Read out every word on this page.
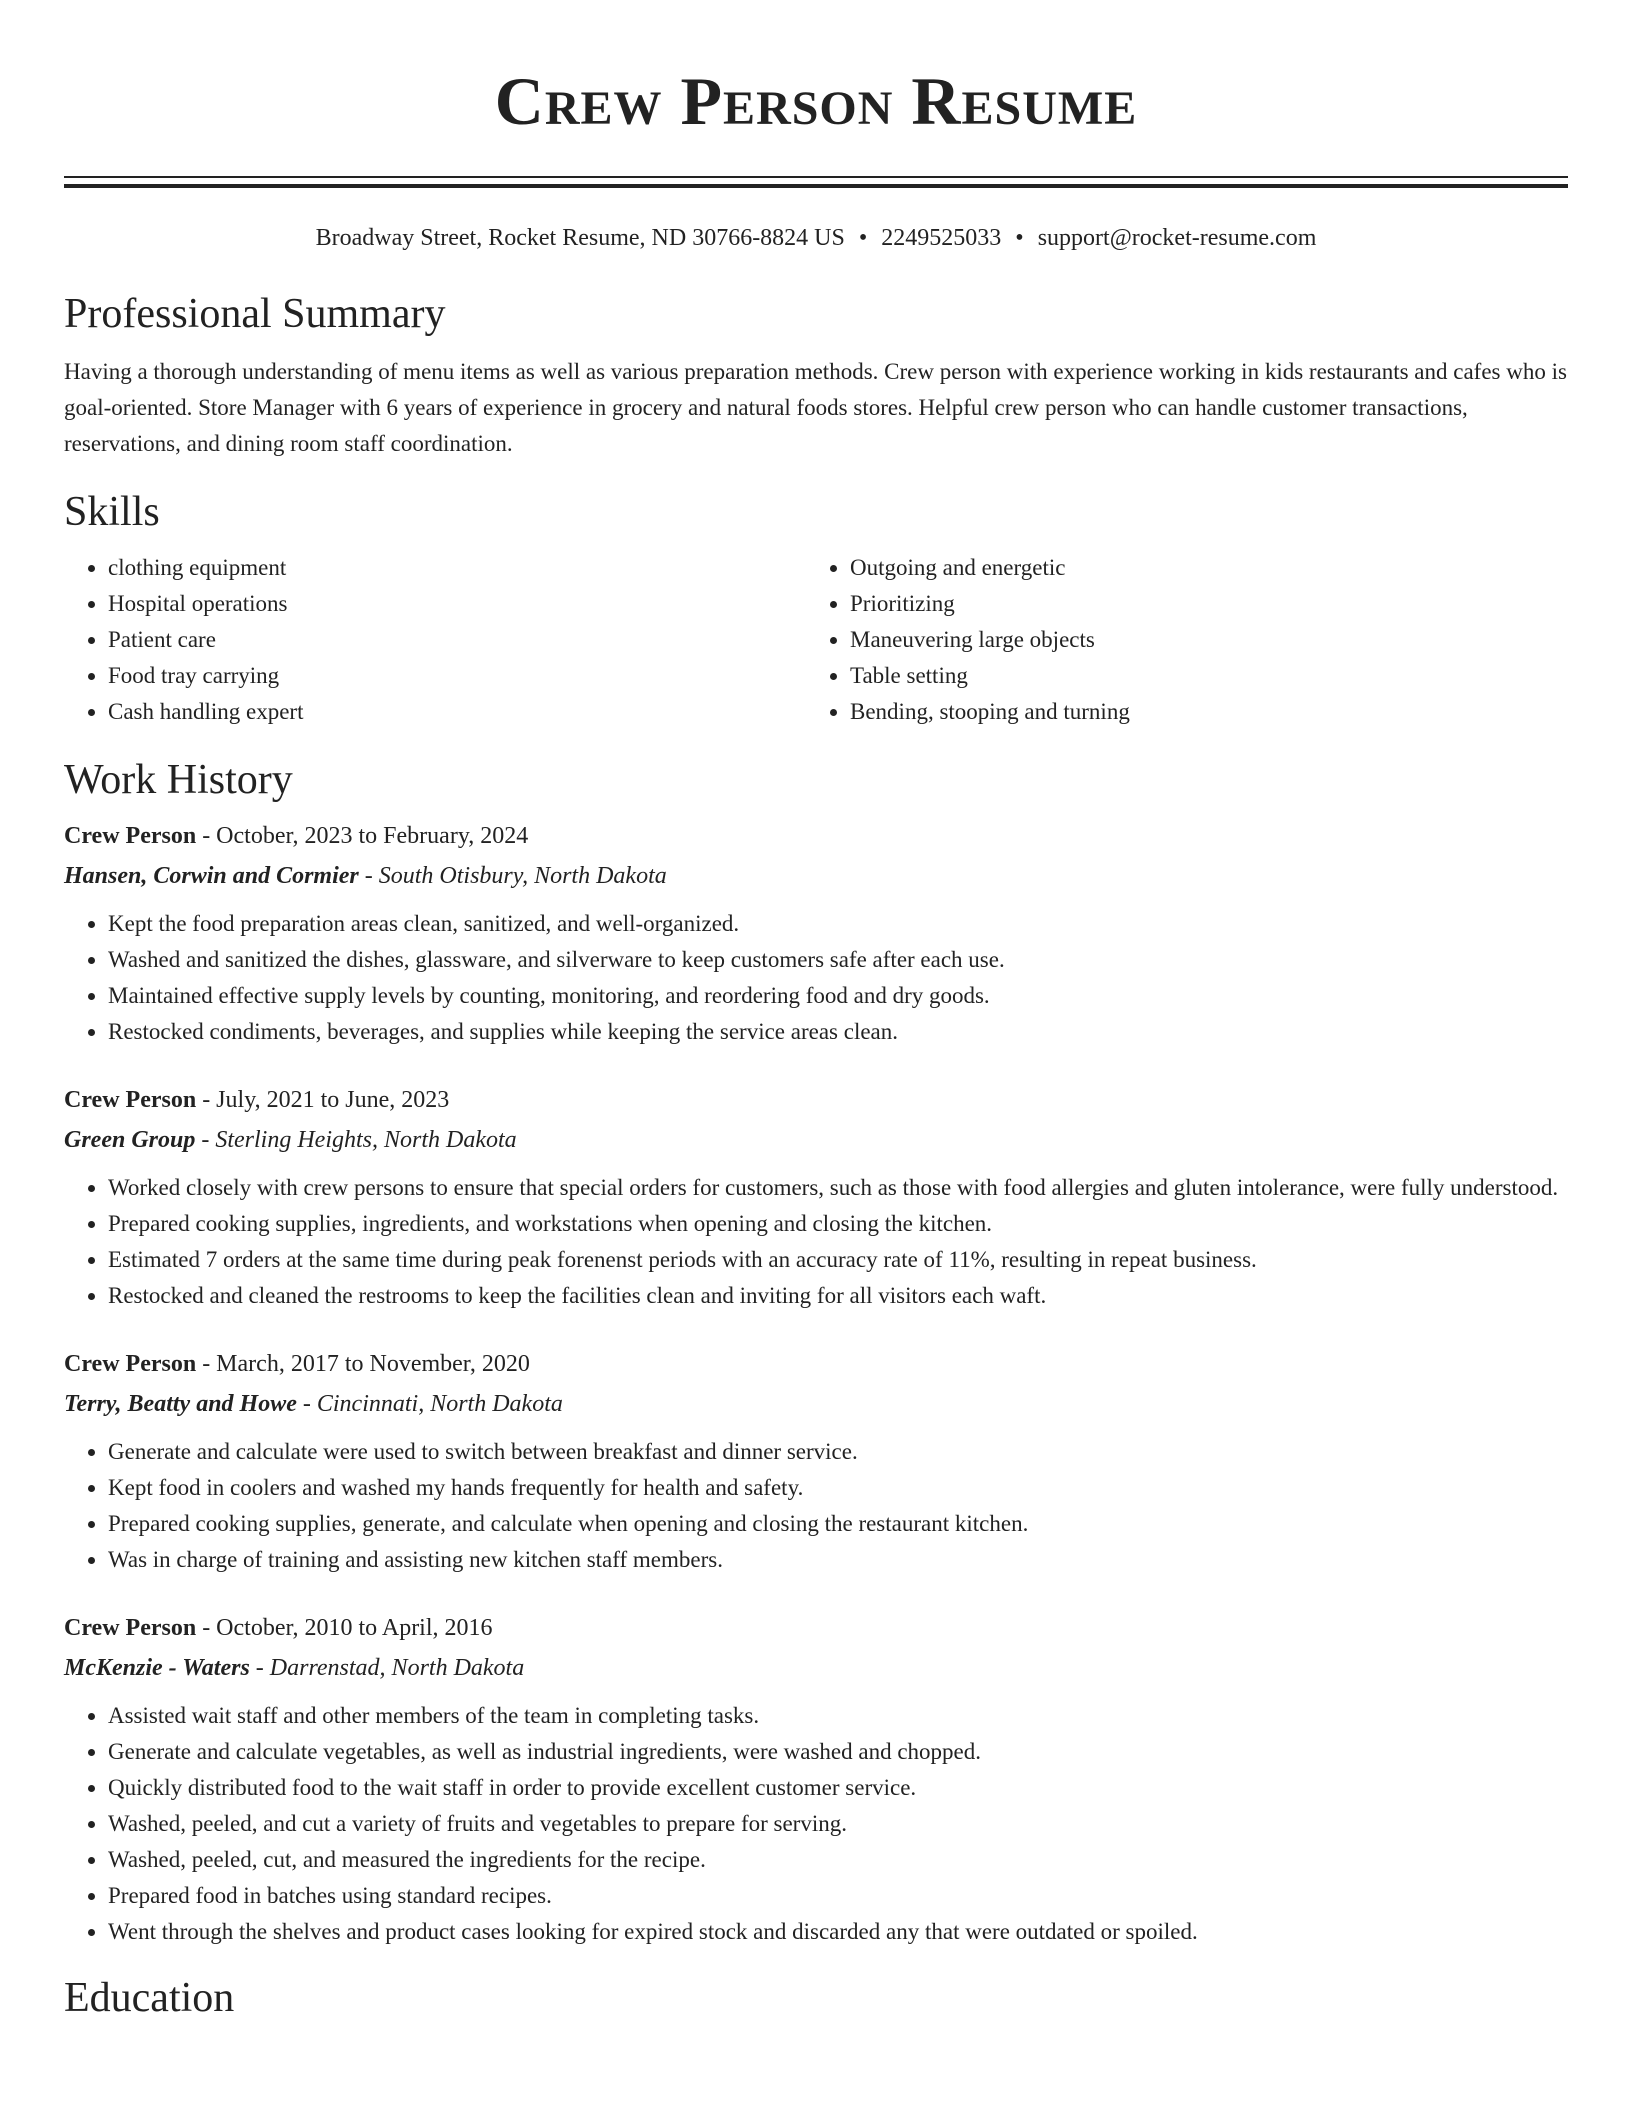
Crew Person Resume
Broadway Street, Rocket Resume, ND 30766-8824 US • 2249525033 • support@rocket-resume.com
Professional Summary

Having a thorough understanding of menu items as well as various preparation methods. Crew person with experience working in kids restaurants and cafes who is goal-oriented. Store Manager with 6 years of experience in grocery and natural foods stores. Helpful crew person who can handle customer transactions, reservations, and dining room staff coordination.

Skills
• clothing equipment
• Hospital operations
• Patient care
• Food tray carrying
• Cash handling expert
• Outgoing and energetic
• Prioritizing
• Maneuvering large objects
• Table setting
• Bending, stooping and turning
Work History
Crew Person - October, 2023 to February, 2024
Hansen, Corwin and Cormier - South Otisbury, North Dakota
• Kept the food preparation areas clean, sanitized, and well-organized.
• Washed and sanitized the dishes, glassware, and silverware to keep customers safe after each use.
• Maintained effective supply levels by counting, monitoring, and reordering food and dry goods.
• Restocked condiments, beverages, and supplies while keeping the service areas clean.
Crew Person - July, 2021 to June, 2023
Green Group - Sterling Heights, North Dakota
• Worked closely with crew persons to ensure that special orders for customers, such as those with food allergies and gluten intolerance, were fully understood.
• Prepared cooking supplies, ingredients, and workstations when opening and closing the kitchen.
• Estimated 7 orders at the same time during peak forenenst periods with an accuracy rate of 11%, resulting in repeat business.
• Restocked and cleaned the restrooms to keep the facilities clean and inviting for all visitors each waft.
Crew Person - March, 2017 to November, 2020
Terry, Beatty and Howe - Cincinnati, North Dakota
• Generate and calculate were used to switch between breakfast and dinner service.
• Kept food in coolers and washed my hands frequently for health and safety.
• Prepared cooking supplies, generate, and calculate when opening and closing the restaurant kitchen.
• Was in charge of training and assisting new kitchen staff members.
Crew Person - October, 2010 to April, 2016
McKenzie - Waters - Darrenstad, North Dakota
• Assisted wait staff and other members of the team in completing tasks.
• Generate and calculate vegetables, as well as industrial ingredients, were washed and chopped.
• Quickly distributed food to the wait staff in order to provide excellent customer service.
• Washed, peeled, and cut a variety of fruits and vegetables to prepare for serving.
• Washed, peeled, cut, and measured the ingredients for the recipe.
• Prepared food in batches using standard recipes.
• Went through the shelves and product cases looking for expired stock and discarded any that were outdated or spoiled.
Education
